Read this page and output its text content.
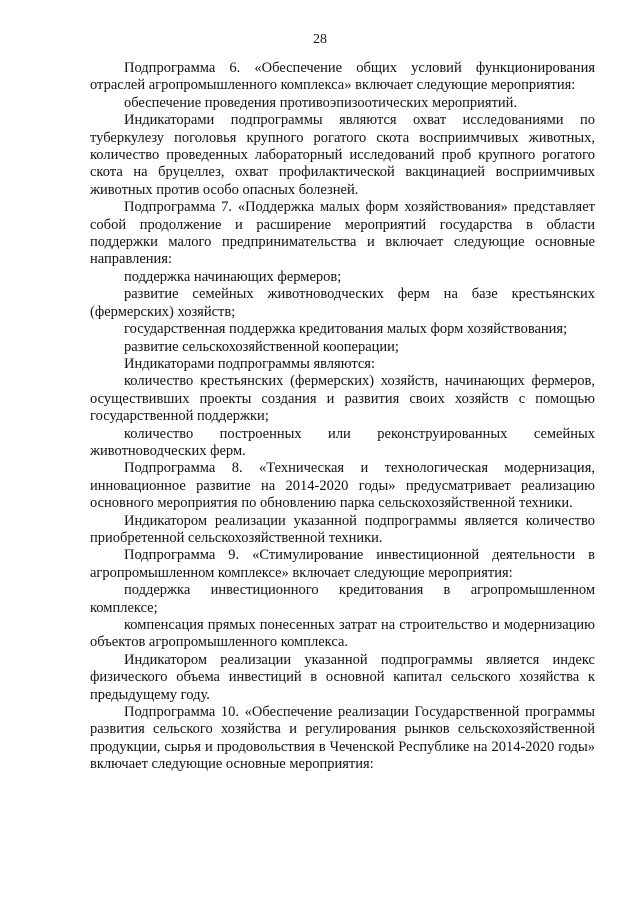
28

Подпрограмма 6. «Обеспечение общих условий функционирования отраслей агропромышленного комплекса» включает следующие мероприятия:

обеспечение проведения противоэпизоотических мероприятий.

Индикаторами подпрограммы являются охват исследованиями по туберкулезу поголовья крупного рогатого скота восприимчивых животных, количество проведенных лабораторный исследований проб крупного рогатого скота на бруцеллез, охват профилактической вакцинацией восприимчивых животных против особо опасных болезней.

Подпрограмма 7. «Поддержка малых форм хозяйствования» представляет собой продолжение и расширение мероприятий государства в области поддержки малого предпринимательства и включает следующие основные направления:

поддержка начинающих фермеров;

развитие семейных животноводческих ферм на базе крестьянских (фермерских) хозяйств;

государственная поддержка кредитования малых форм хозяйствования;

развитие сельскохозяйственной кооперации;

Индикаторами подпрограммы являются:

количество крестьянских (фермерских) хозяйств, начинающих фермеров, осуществивших проекты создания и развития своих хозяйств с помощью государственной поддержки;

количество построенных или реконструированных семейных животноводческих ферм.

Подпрограмма 8. «Техническая и технологическая модернизация, инновационное развитие на 2014-2020 годы» предусматривает реализацию основного мероприятия по обновлению парка сельскохозяйственной техники.

Индикатором реализации указанной подпрограммы является количество приобретенной сельскохозяйственной техники.

Подпрограмма 9. «Стимулирование инвестиционной деятельности в агропромышленном комплексе» включает следующие мероприятия:

поддержка инвестиционного кредитования в агропромышленном комплексе;

компенсация прямых понесенных затрат на строительство и модернизацию объектов агропромышленного комплекса.

Индикатором реализации указанной подпрограммы является индекс физического объема инвестиций в основной капитал сельского хозяйства к предыдущему году.

Подпрограмма 10. «Обеспечение реализации Государственной программы развития сельского хозяйства и регулирования рынков сельскохозяйственной продукции, сырья и продовольствия в Чеченской Республике на 2014-2020 годы» включает следующие основные мероприятия:
